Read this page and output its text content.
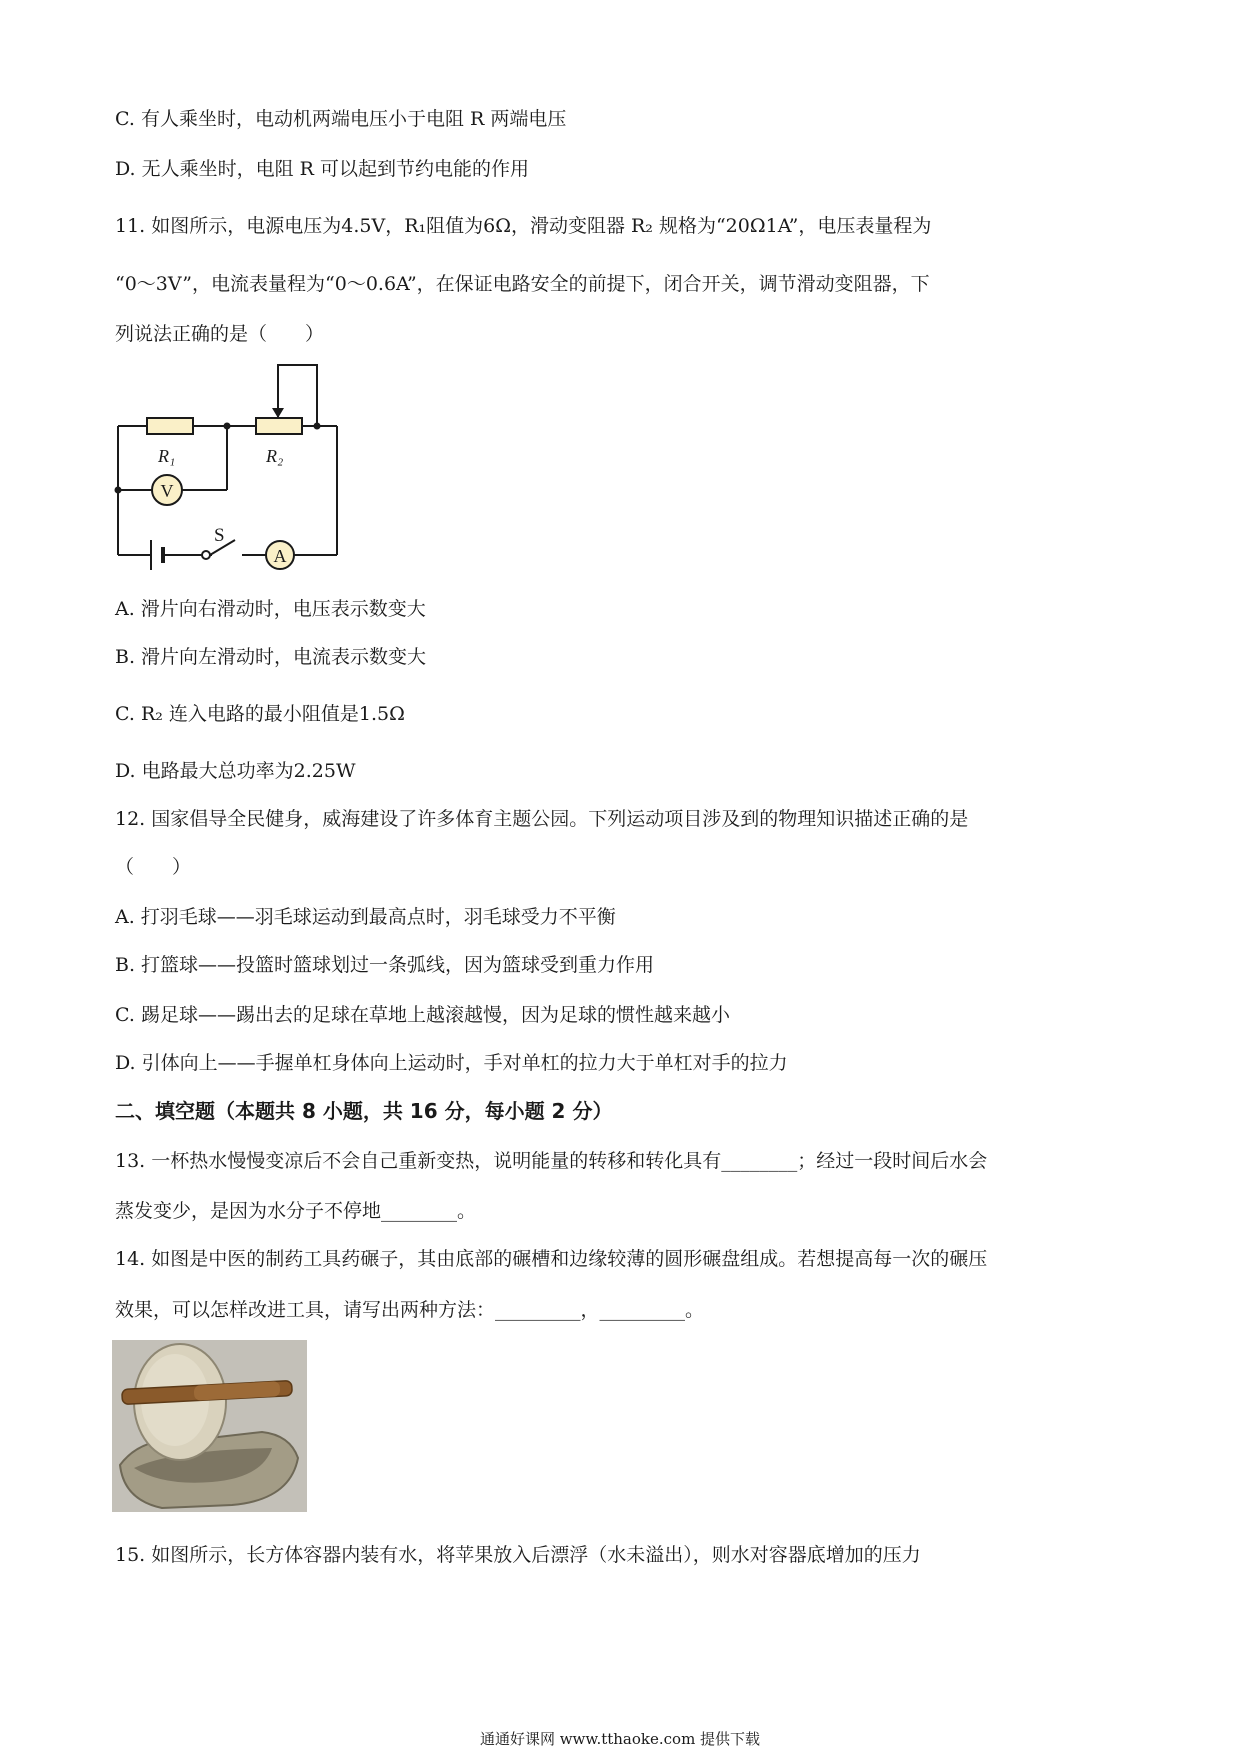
C. 有人乘坐时，电动机两端电压小于电阻 R 两端电压
D. 无人乘坐时，电阻 R 可以起到节约电能的作用
11. 如图所示，电源电压为4.5V，R₁阻值为6Ω，滑动变阻器 R₂ 规格为“20Ω1A”，电压表量程为
“0～3V”，电流表量程为“0～0.6A”，在保证电路安全的前提下，闭合开关，调节滑动变阻器，下
列说法正确的是（　　）
V
A
S
R₁	R₂
A. 滑片向右滑动时，电压表示数变大
B. 滑片向左滑动时，电流表示数变大
C. R₂ 连入电路的最小阻值是1.5Ω
D. 电路最大总功率为2.25W
12. 国家倡导全民健身，威海建设了许多体育主题公园。下列运动项目涉及到的物理知识描述正确的是
（　　）
A. 打羽毛球——羽毛球运动到最高点时，羽毛球受力不平衡
B. 打篮球——投篮时篮球划过一条弧线，因为篮球受到重力作用
C. 踢足球——踢出去的足球在草地上越滚越慢，因为足球的惯性越来越小
D. 引体向上——手握单杠身体向上运动时，手对单杠的拉力大于单杠对手的拉力
二、填空题（本题共 8 小题，共 16 分，每小题 2 分）
13. 一杯热水慢慢变凉后不会自己重新变热，说明能量的转移和转化具有________；经过一段时间后水会
蒸发变少，是因为水分子不停地________。
14. 如图是中医的制药工具药碾子，其由底部的碾槽和边缘较薄的圆形碾盘组成。若想提高每一次的碾压
效果，可以怎样改进工具，请写出两种方法：_________，_________。
15. 如图所示，长方体容器内装有水，将苹果放入后漂浮（水未溢出），则水对容器底增加的压力
通通好课网 www.tthaoke.com 提供下载
